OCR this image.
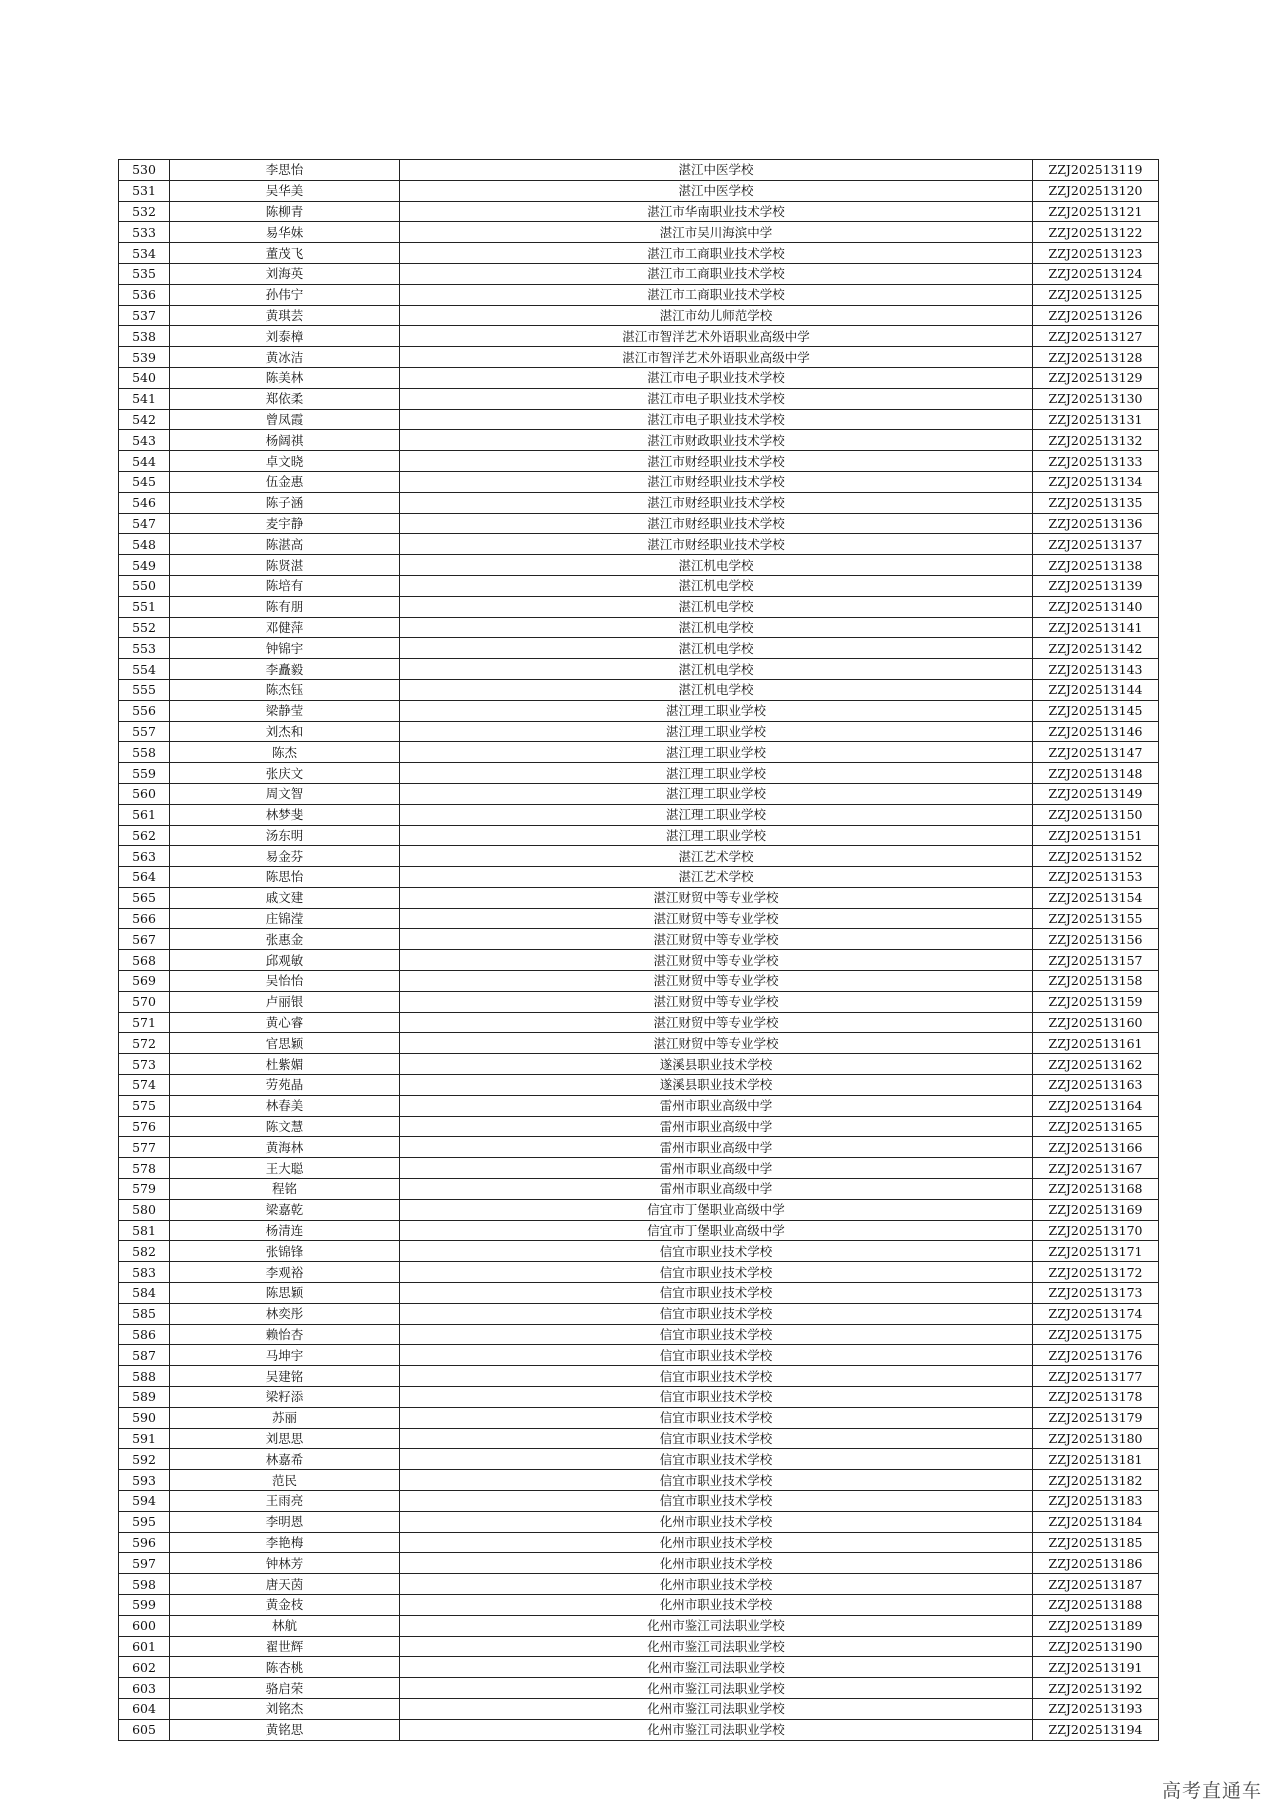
530	李思怡	湛江中医学校	ZZJ202513119
531	吴华美	湛江中医学校	ZZJ202513120
532	陈柳青	湛江市华南职业技术学校	ZZJ202513121
533	易华妹	湛江市吴川海滨中学	ZZJ202513122
534	董茂飞	湛江市工商职业技术学校	ZZJ202513123
535	刘海英	湛江市工商职业技术学校	ZZJ202513124
536	孙伟宁	湛江市工商职业技术学校	ZZJ202513125
537	黄琪芸	湛江市幼儿师范学校	ZZJ202513126
538	刘泰樟	湛江市智洋艺术外语职业高级中学	ZZJ202513127
539	黄冰洁	湛江市智洋艺术外语职业高级中学	ZZJ202513128
540	陈美林	湛江市电子职业技术学校	ZZJ202513129
541	郑依柔	湛江市电子职业技术学校	ZZJ202513130
542	曾凤霞	湛江市电子职业技术学校	ZZJ202513131
543	杨阔祺	湛江市财政职业技术学校	ZZJ202513132
544	卓文晓	湛江市财经职业技术学校	ZZJ202513133
545	伍金惠	湛江市财经职业技术学校	ZZJ202513134
546	陈子涵	湛江市财经职业技术学校	ZZJ202513135
547	麦宇静	湛江市财经职业技术学校	ZZJ202513136
548	陈湛高	湛江市财经职业技术学校	ZZJ202513137
549	陈贤湛	湛江机电学校	ZZJ202513138
550	陈培有	湛江机电学校	ZZJ202513139
551	陈有朋	湛江机电学校	ZZJ202513140
552	邓健萍	湛江机电学校	ZZJ202513141
553	钟锦宇	湛江机电学校	ZZJ202513142
554	李矗毅	湛江机电学校	ZZJ202513143
555	陈杰钰	湛江机电学校	ZZJ202513144
556	梁静莹	湛江理工职业学校	ZZJ202513145
557	刘杰和	湛江理工职业学校	ZZJ202513146
558	陈杰	湛江理工职业学校	ZZJ202513147
559	张庆文	湛江理工职业学校	ZZJ202513148
560	周文智	湛江理工职业学校	ZZJ202513149
561	林梦斐	湛江理工职业学校	ZZJ202513150
562	汤东明	湛江理工职业学校	ZZJ202513151
563	易金芬	湛江艺术学校	ZZJ202513152
564	陈思怡	湛江艺术学校	ZZJ202513153
565	戚文建	湛江财贸中等专业学校	ZZJ202513154
566	庄锦滢	湛江财贸中等专业学校	ZZJ202513155
567	张惠金	湛江财贸中等专业学校	ZZJ202513156
568	邱观敏	湛江财贸中等专业学校	ZZJ202513157
569	吴怡怡	湛江财贸中等专业学校	ZZJ202513158
570	卢丽银	湛江财贸中等专业学校	ZZJ202513159
571	黄心睿	湛江财贸中等专业学校	ZZJ202513160
572	官思颖	湛江财贸中等专业学校	ZZJ202513161
573	杜紫媚	遂溪县职业技术学校	ZZJ202513162
574	劳苑晶	遂溪县职业技术学校	ZZJ202513163
575	林春美	雷州市职业高级中学	ZZJ202513164
576	陈文慧	雷州市职业高级中学	ZZJ202513165
577	黄海林	雷州市职业高级中学	ZZJ202513166
578	王大聪	雷州市职业高级中学	ZZJ202513167
579	程铭	雷州市职业高级中学	ZZJ202513168
580	梁嘉乾	信宜市丁堡职业高级中学	ZZJ202513169
581	杨清连	信宜市丁堡职业高级中学	ZZJ202513170
582	张锦锋	信宜市职业技术学校	ZZJ202513171
583	李观裕	信宜市职业技术学校	ZZJ202513172
584	陈思颖	信宜市职业技术学校	ZZJ202513173
585	林奕彤	信宜市职业技术学校	ZZJ202513174
586	赖怡杏	信宜市职业技术学校	ZZJ202513175
587	马坤宇	信宜市职业技术学校	ZZJ202513176
588	吴建铭	信宜市职业技术学校	ZZJ202513177
589	梁籽添	信宜市职业技术学校	ZZJ202513178
590	苏丽	信宜市职业技术学校	ZZJ202513179
591	刘思思	信宜市职业技术学校	ZZJ202513180
592	林嘉希	信宜市职业技术学校	ZZJ202513181
593	范民	信宜市职业技术学校	ZZJ202513182
594	王雨亮	信宜市职业技术学校	ZZJ202513183
595	李明恩	化州市职业技术学校	ZZJ202513184
596	李艳梅	化州市职业技术学校	ZZJ202513185
597	钟林芳	化州市职业技术学校	ZZJ202513186
598	唐天茵	化州市职业技术学校	ZZJ202513187
599	黄金枝	化州市职业技术学校	ZZJ202513188
600	林航	化州市鉴江司法职业学校	ZZJ202513189
601	翟世辉	化州市鉴江司法职业学校	ZZJ202513190
602	陈杏桃	化州市鉴江司法职业学校	ZZJ202513191
603	骆启荣	化州市鉴江司法职业学校	ZZJ202513192
604	刘铭杰	化州市鉴江司法职业学校	ZZJ202513193
605	黄铭思	化州市鉴江司法职业学校	ZZJ202513194
高考直通车
